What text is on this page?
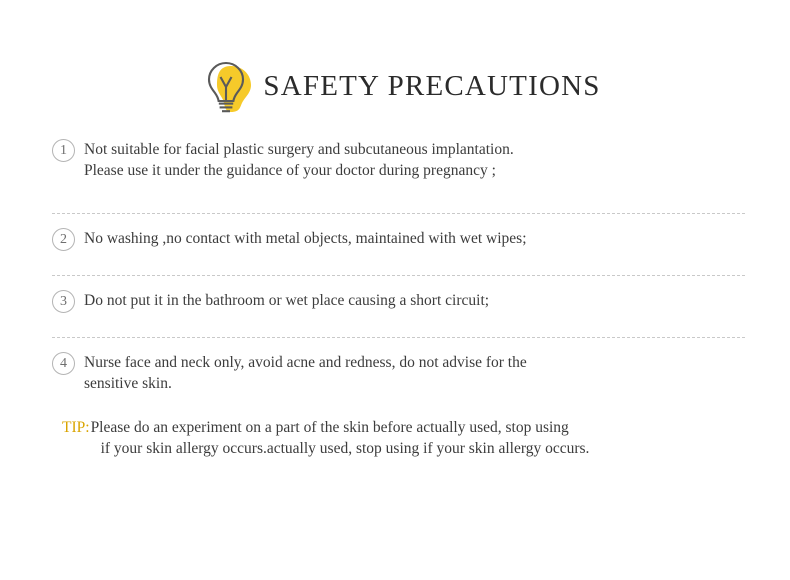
SAFETY PRECAUTIONS
1	Not suitable for facial plastic surgery and subcutaneous implantation.
Please use it under the guidance of your doctor during pregnancy ;
2	No washing ,no contact with metal objects, maintained with wet wipes;
3	Do not put it in the bathroom or wet place causing a short circuit;
4	Nurse face and neck only, avoid acne and redness, do not advise for the
sensitive skin.
TIP: Please do an experiment on a part of the skin before actually used, stop using
if your skin allergy occurs.actually used, stop using if your skin allergy occurs.
